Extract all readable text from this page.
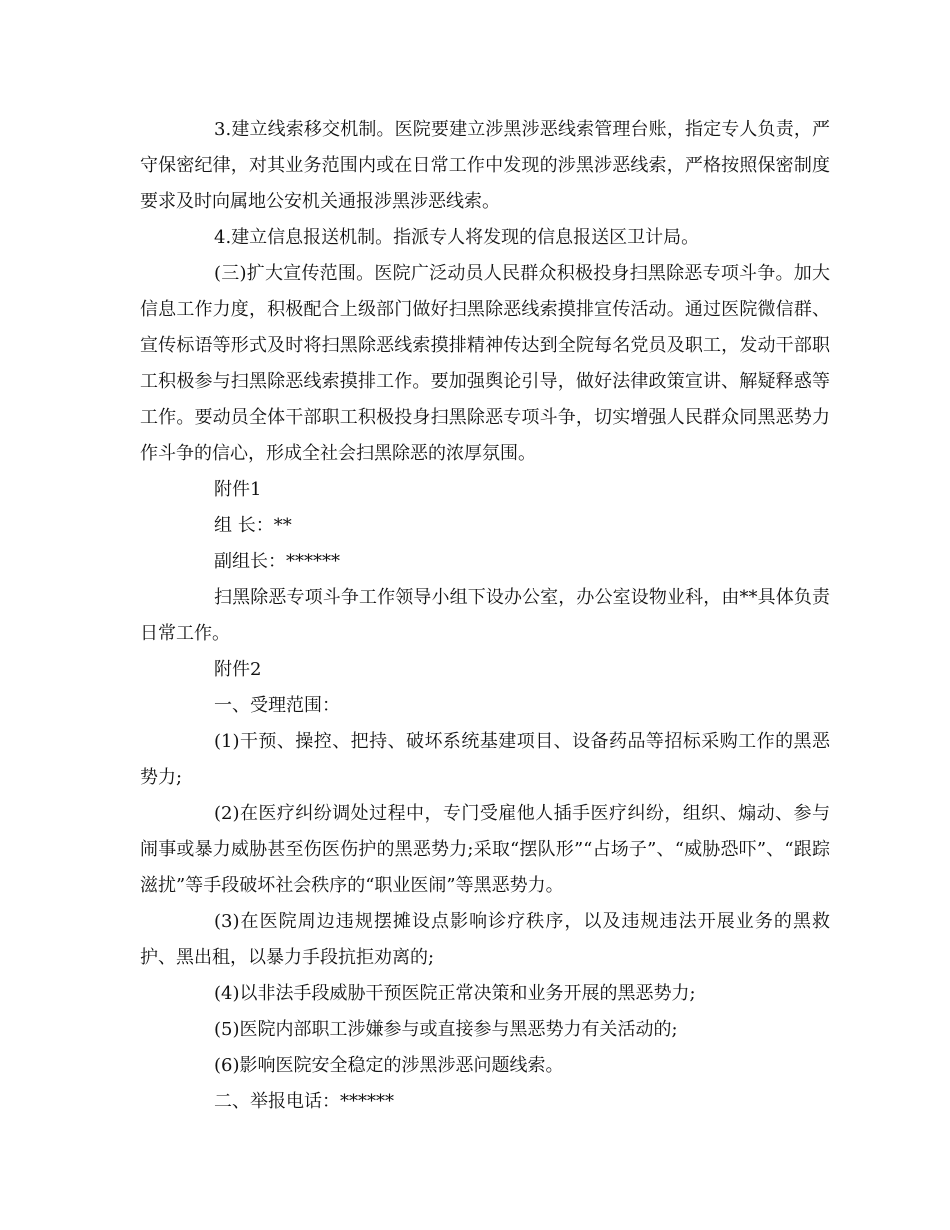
3.建立线索移交机制。医院要建立涉黑涉恶线索管理台账，指定专人负责，严守保密纪律，对其业务范围内或在日常工作中发现的涉黑涉恶线索，严格按照保密制度要求及时向属地公安机关通报涉黑涉恶线索。

4.建立信息报送机制。指派专人将发现的信息报送区卫计局。

(三)扩大宣传范围。医院广泛动员人民群众积极投身扫黑除恶专项斗争。加大信息工作力度，积极配合上级部门做好扫黑除恶线索摸排宣传活动。通过医院微信群、宣传标语等形式及时将扫黑除恶线索摸排精神传达到全院每名党员及职工，发动干部职工积极参与扫黑除恶线索摸排工作。要加强舆论引导，做好法律政策宣讲、解疑释惑等工作。要动员全体干部职工积极投身扫黑除恶专项斗争，切实增强人民群众同黑恶势力作斗争的信心，形成全社会扫黑除恶的浓厚氛围。

附件1

组 长：**

副组长：******

扫黑除恶专项斗争工作领导小组下设办公室，办公室设物业科，由**具体负责日常工作。

附件2

一、受理范围：

(1)干预、操控、把持、破坏系统基建项目、设备药品等招标采购工作的黑恶势力;

(2)在医疗纠纷调处过程中，专门受雇他人插手医疗纠纷，组织、煽动、参与闹事或暴力威胁甚至伤医伤护的黑恶势力;采取“摆队形”“占场子”、“威胁恐吓”、“跟踪滋扰”等手段破坏社会秩序的“职业医闹”等黑恶势力。

(3)在医院周边违规摆摊设点影响诊疗秩序，以及违规违法开展业务的黑救护、黑出租，以暴力手段抗拒劝离的;

(4)以非法手段威胁干预医院正常决策和业务开展的黑恶势力;

(5)医院内部职工涉嫌参与或直接参与黑恶势力有关活动的;

(6)影响医院安全稳定的涉黑涉恶问题线索。

二、举报电话：******
